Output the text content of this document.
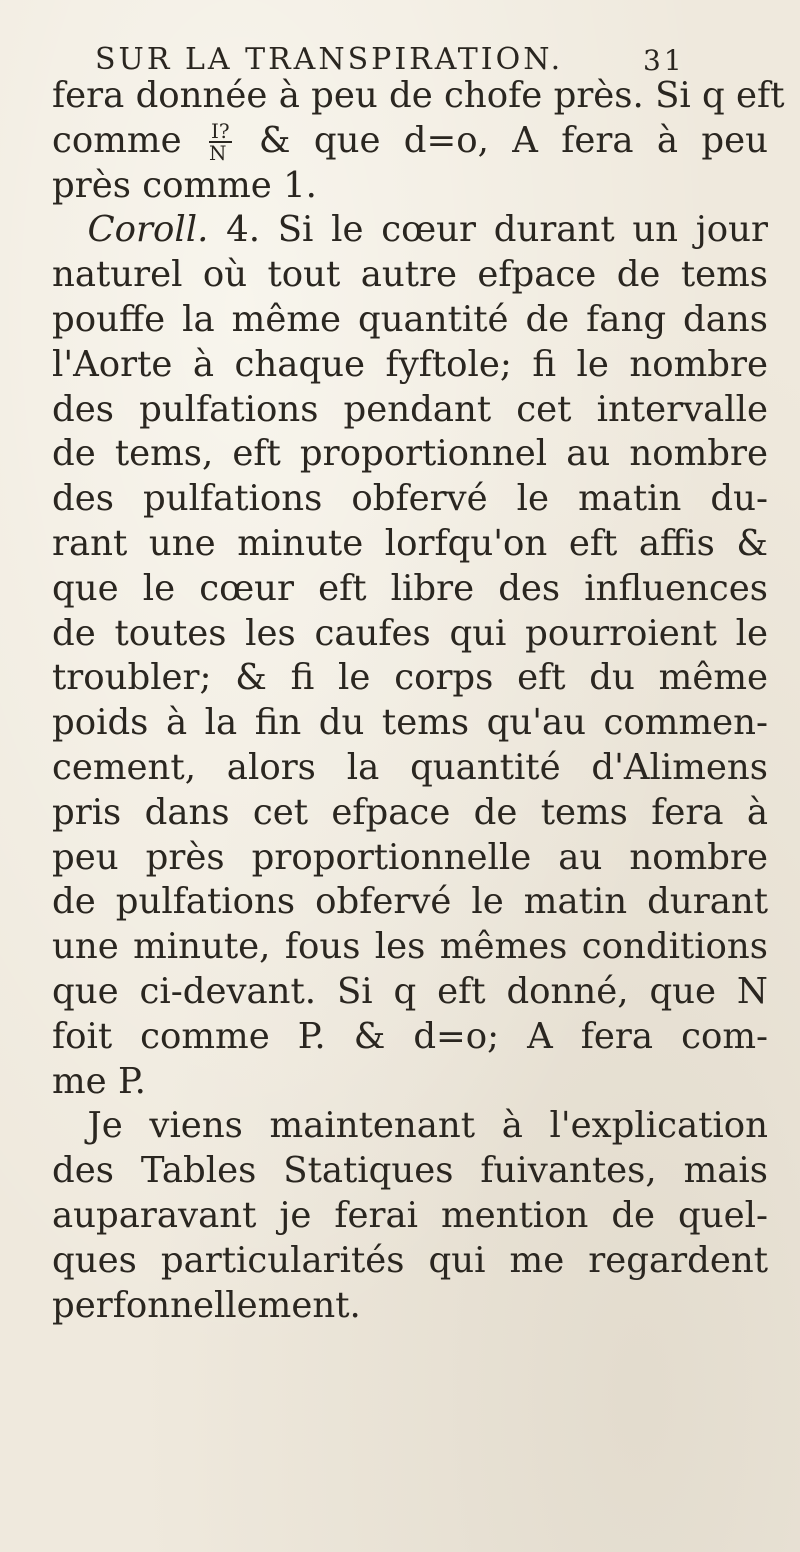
SUR LA TRANSPIRATION.	31
fera donnée à peu de chofe près. Si q eft
comme $\frac{I?}{N}$ & que d=o, A fera à peu
près comme 1.
 Coroll. 4. Si le cœur durant un jour
naturel où tout autre efpace de tems
pouffe la même quantité de fang dans
l'Aorte à chaque fyftole; fi le nombre
des pulfations pendant cet intervalle
de tems, eft proportionnel au nombre
des pulfations obfervé le matin du-
rant une minute lorfqu'on eft affis &
que le cœur eft libre des influences
de toutes les caufes qui pourroient le
troubler; & fi le corps eft du même
poids à la fin du tems qu'au commen-
cement, alors la quantité d'Alimens
pris dans cet efpace de tems fera à
peu près proportionnelle au nombre
de pulfations obfervé le matin durant
une minute, fous les mêmes conditions
que ci-devant. Si q eft donné, que N
foit comme P. & d=o; A fera com-
me P.
 Je viens maintenant à l'explication
des Tables Statiques fuivantes, mais
auparavant je ferai mention de quel-
ques particularités qui me regardent
perfonnellement.
